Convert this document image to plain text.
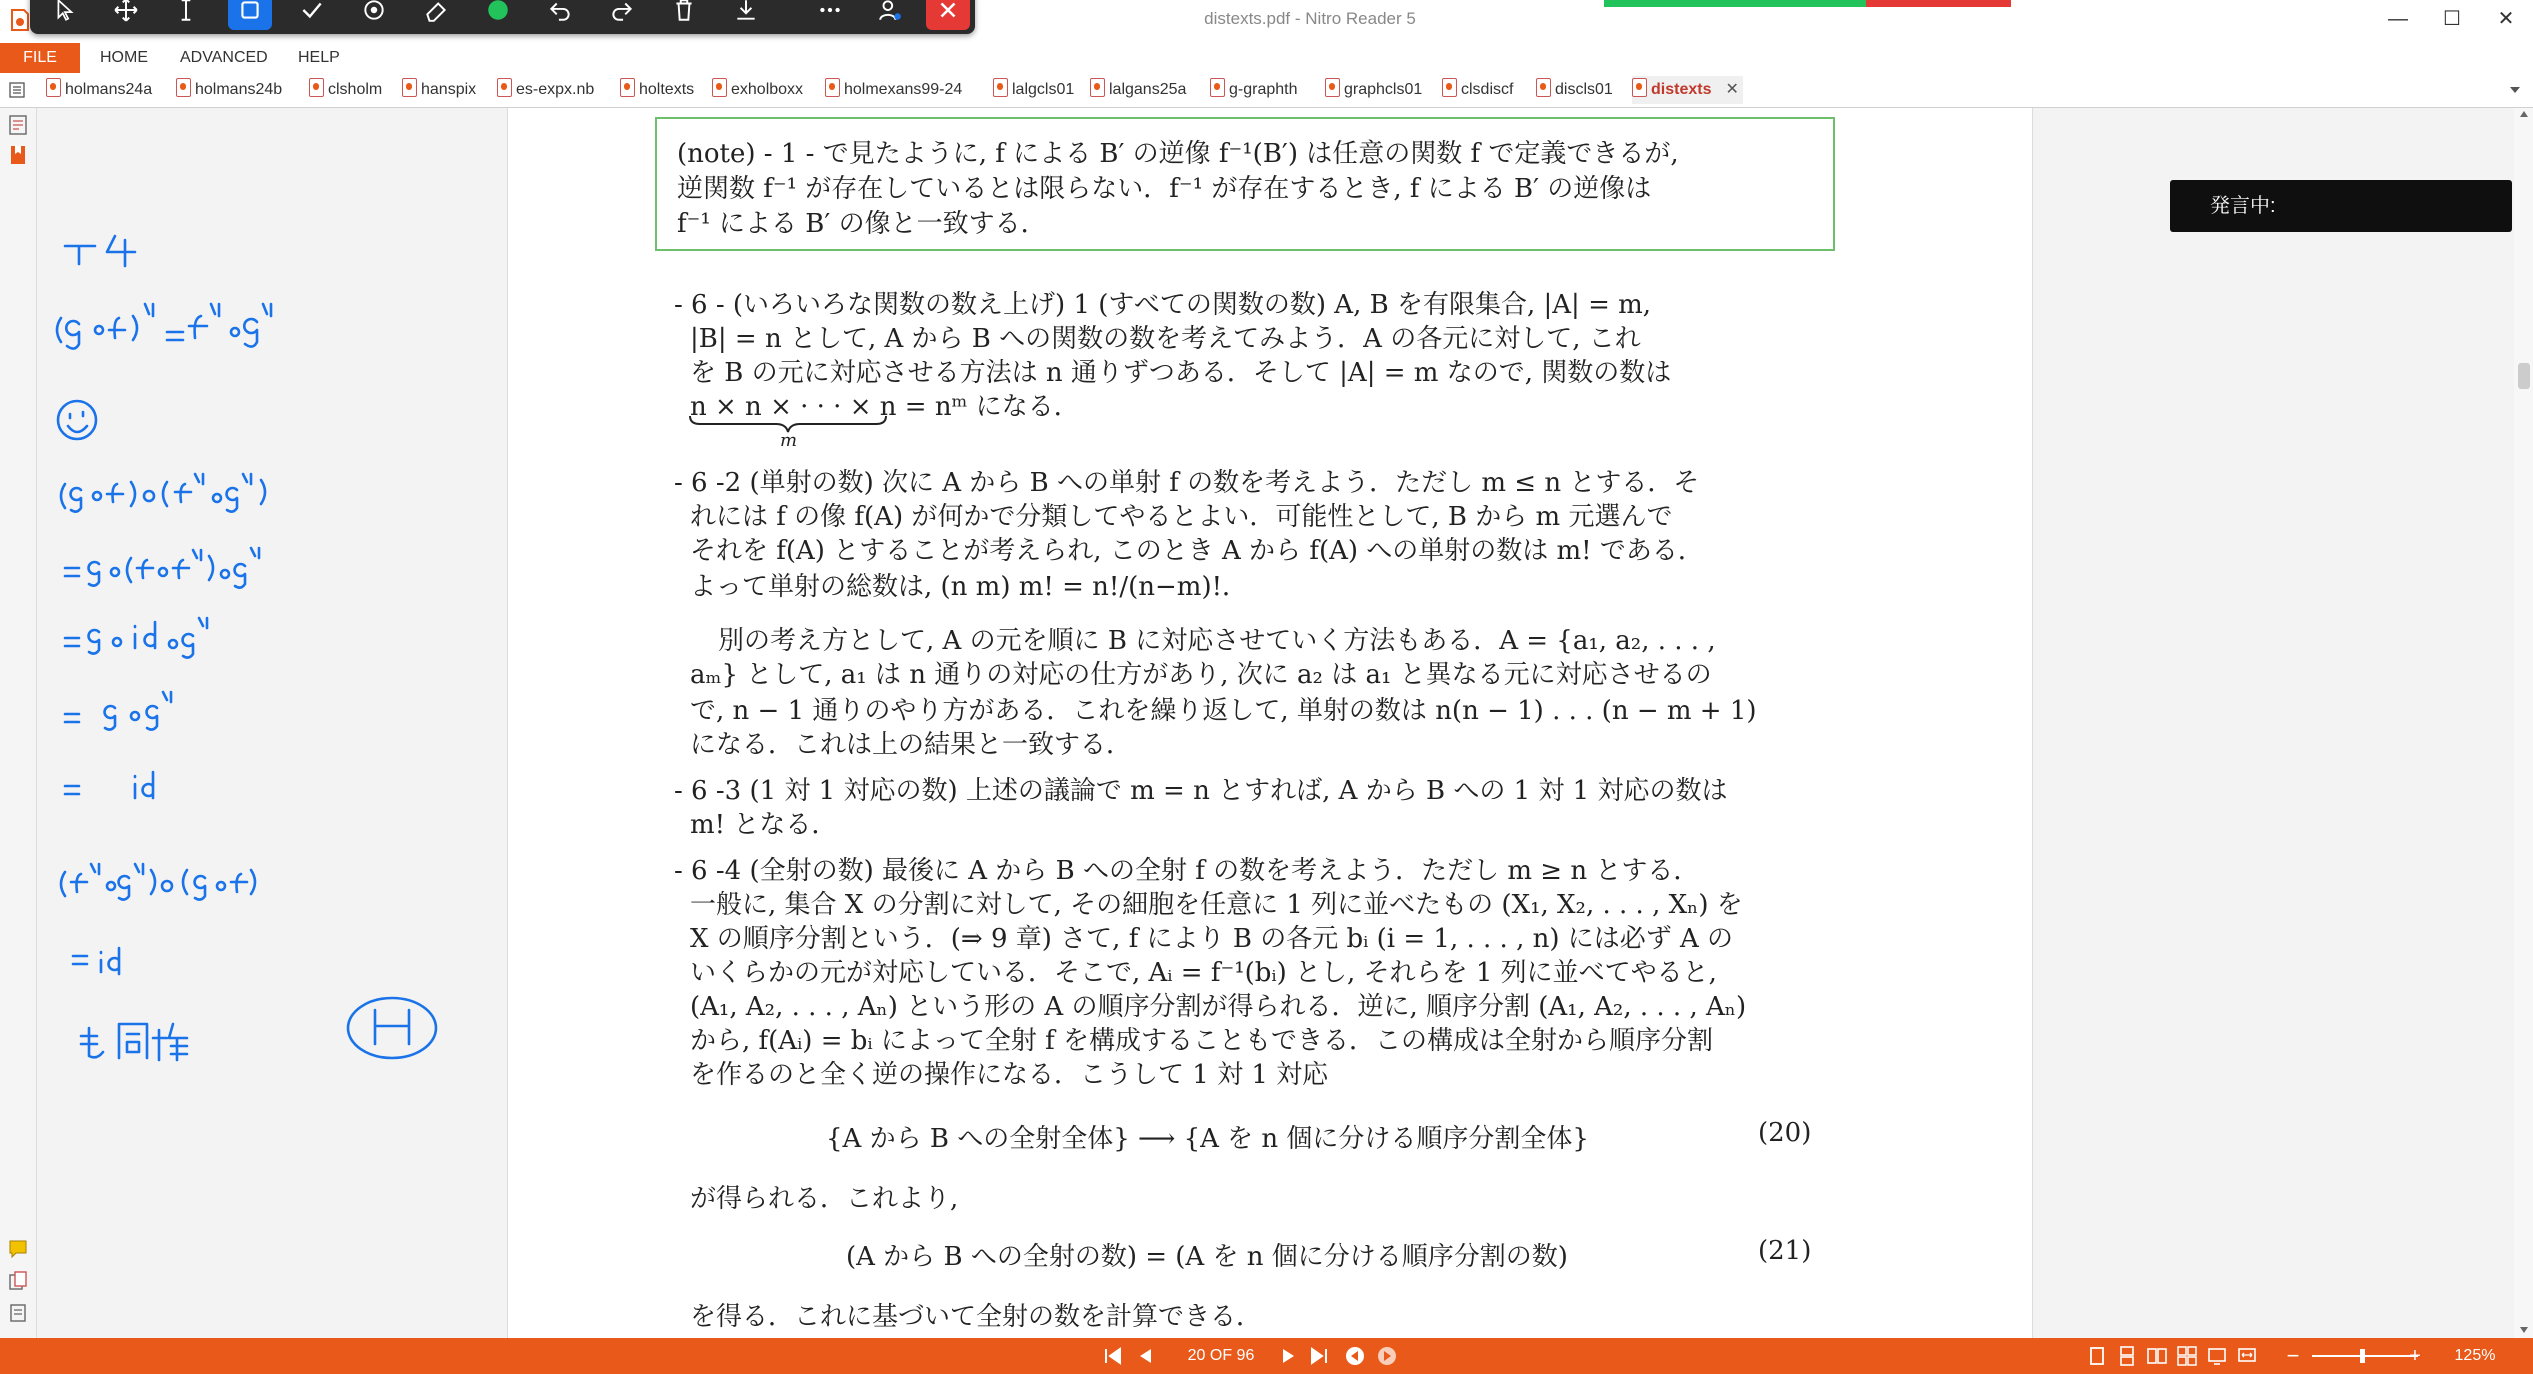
distexts.pdf - Nitro Reader 5	—	☐	✕
FILE	HOME ADVANCED HELP
holmans24a	holmans24b	clsholm	hanspix	es-expx.nb	holtexts	exholboxx	holmexans99-24	lalgcls01	lalgans25a	g-graphth	graphcls01	clsdiscf	discls01	distexts ✕
(note) - 1 - で見たように, f による B′ の逆像 f⁻¹(B′) は任意の関数 f で定義できるが,
逆関数 f⁻¹ が存在しているとは限らない．f⁻¹ が存在するとき, f による B′ の逆像は
f⁻¹ による B′ の像と一致する．
- 6 - (いろいろな関数の数え上げ) 1 (すべての関数の数) A, B を有限集合, |A| = m,
|B| = n として, A から B への関数の数を考えてみよう．A の各元に対して, これ
を B の元に対応させる方法は n 通りずつある．そして |A| = m なので, 関数の数は
n × n × · · · × n = nᵐ になる．
m
- 6 -2 (単射の数) 次に A から B への単射 f の数を考えよう．ただし m ≤ n とする．そ
れには f の像 f(A) が何かで分類してやるとよい．可能性として, B から m 元選んで
それを f(A) とすることが考えられ, このとき A から f(A) への単射の数は m! である．
よって単射の総数は, (n m) m! = n!/(n−m)!．
別の考え方として, A の元を順に B に対応させていく方法もある．A = {a₁, a₂, . . . ,
aₘ} として, a₁ は n 通りの対応の仕方があり, 次に a₂ は a₁ と異なる元に対応させるの
で, n − 1 通りのやり方がある．これを繰り返して, 単射の数は n(n − 1) . . . (n − m + 1)
になる．これは上の結果と一致する．
- 6 -3 (1 対 1 対応の数) 上述の議論で m = n とすれば, A から B への 1 対 1 対応の数は
m! となる．
- 6 -4 (全射の数) 最後に A から B への全射 f の数を考えよう．ただし m ≥ n とする．
一般に, 集合 X の分割に対して, その細胞を任意に 1 列に並べたもの (X₁, X₂, . . . , Xₙ) を
X の順序分割という．(⇒ 9 章) さて, f により B の各元 bᵢ (i = 1, . . . , n) には必ず A の
いくらかの元が対応している．そこで, Aᵢ = f⁻¹(bᵢ) とし, それらを 1 列に並べてやると,
(A₁, A₂, . . . , Aₙ) という形の A の順序分割が得られる．逆に, 順序分割 (A₁, A₂, . . . , Aₙ)
から, f(Aᵢ) = bᵢ によって全射 f を構成することもできる．この構成は全射から順序分割
を作るのと全く逆の操作になる．こうして 1 対 1 対応
{A から B への全射全体} ⟶ {A を n 個に分ける順序分割全体}	(20)
が得られる．これより,
(A から B への全射の数) = (A を n 個に分ける順序分割の数)	(21)
を得る．これに基づいて全射の数を計算できる．
発言中:
20 OF 96	−	+	125%
